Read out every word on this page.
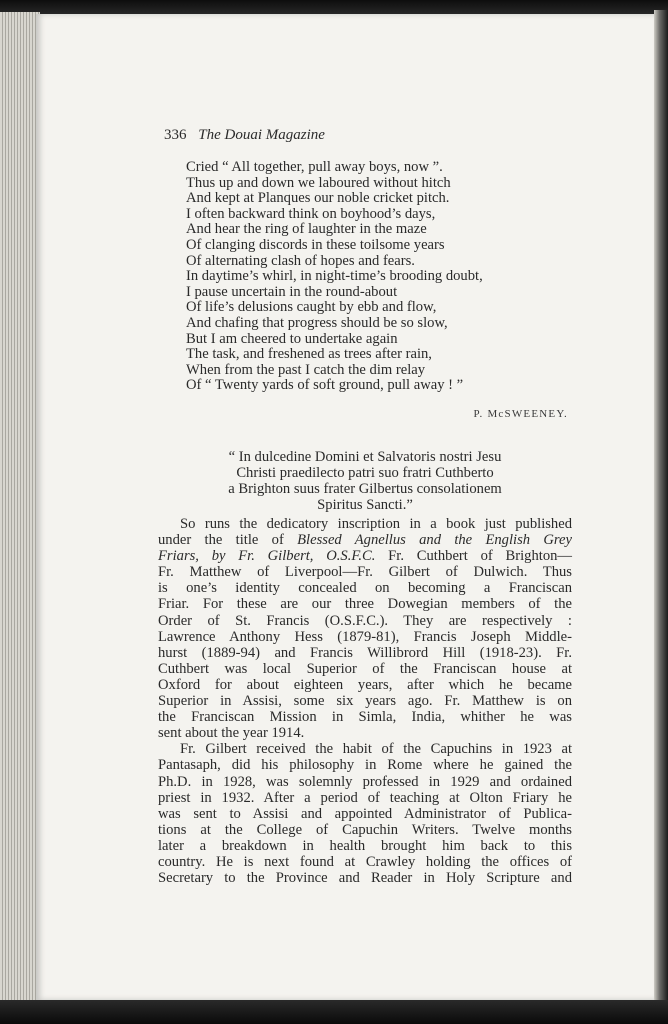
336 The Douai Magazine
Cried “ All together, pull away boys, now ”.
Thus up and down we laboured without hitch
And kept at Planques our noble cricket pitch.
I often backward think on boyhood’s days,
And hear the ring of laughter in the maze
Of clanging discords in these toilsome years
Of alternating clash of hopes and fears.
In daytime’s whirl, in night-time’s brooding doubt,
I pause uncertain in the round-about
Of life’s delusions caught by ebb and flow,
And chafing that progress should be so slow,
But I am cheered to undertake again
The task, and freshened as trees after rain,
When from the past I catch the dim relay
Of “ Twenty yards of soft ground, pull away ! ”
P. McSWEENEY.
“ In dulcedine Domini et Salvatoris nostri Jesu
Christi praedilecto patri suo fratri Cuthberto
a Brighton suus frater Gilbertus consolationem
Spiritus Sancti.”
So runs the dedicatory inscription in a book just published
under the title of Blessed Agnellus and the English Grey
Friars, by Fr. Gilbert, O.S.F.C. Fr. Cuthbert of Brighton—
Fr. Matthew of Liverpool—Fr. Gilbert of Dulwich. Thus
is one’s identity concealed on becoming a Franciscan
Friar. For these are our three Dowegian members of the
Order of St. Francis (O.S.F.C.). They are respectively :
Lawrence Anthony Hess (1879-81), Francis Joseph Middle-
hurst (1889-94) and Francis Willibrord Hill (1918-23). Fr.
Cuthbert was local Superior of the Franciscan house at
Oxford for about eighteen years, after which he became
Superior in Assisi, some six years ago. Fr. Matthew is on
the Franciscan Mission in Simla, India, whither he was
sent about the year 1914.
Fr. Gilbert received the habit of the Capuchins in 1923 at
Pantasaph, did his philosophy in Rome where he gained the
Ph.D. in 1928, was solemnly professed in 1929 and ordained
priest in 1932. After a period of teaching at Olton Friary he
was sent to Assisi and appointed Administrator of Publica-
tions at the College of Capuchin Writers. Twelve months
later a breakdown in health brought him back to this
country. He is next found at Crawley holding the offices of
Secretary to the Province and Reader in Holy Scripture and
